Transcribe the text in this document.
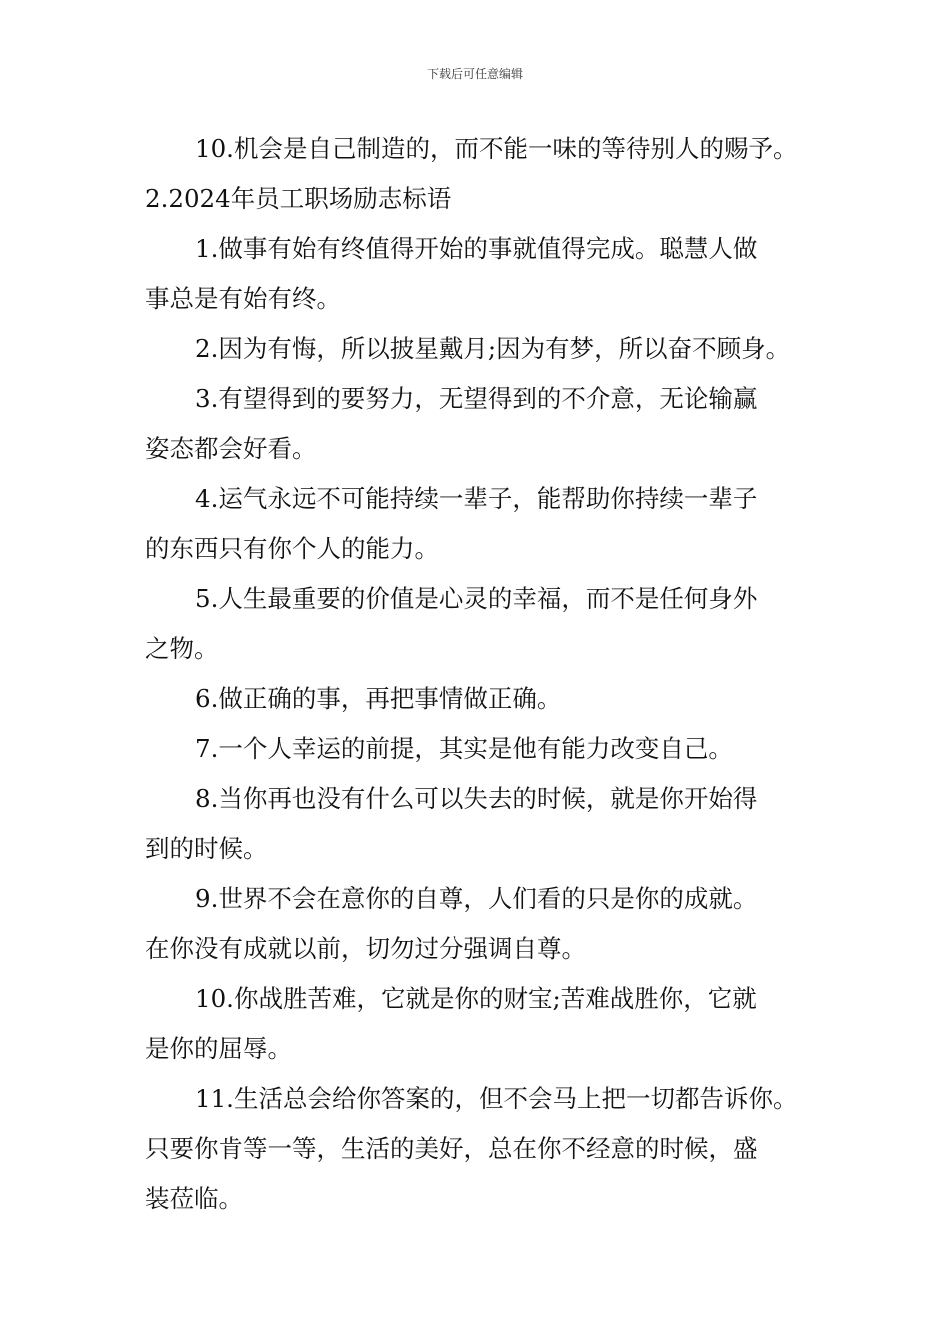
下载后可任意编辑

10.机会是自己制造的，而不能一味的等待别人的赐予。

2.2024年员工职场励志标语

1.做事有始有终值得开始的事就值得完成。聪慧人做

事总是有始有终。

2.因为有悔，所以披星戴月;因为有梦，所以奋不顾身。

3.有望得到的要努力，无望得到的不介意，无论输赢

姿态都会好看。

4.运气永远不可能持续一辈子，能帮助你持续一辈子

的东西只有你个人的能力。

5.人生最重要的价值是心灵的幸福，而不是任何身外

之物。

6.做正确的事，再把事情做正确。

7.一个人幸运的前提，其实是他有能力改变自己。

8.当你再也没有什么可以失去的时候，就是你开始得

到的时候。

9.世界不会在意你的自尊，人们看的只是你的成就。

在你没有成就以前，切勿过分强调自尊。

10.你战胜苦难，它就是你的财宝;苦难战胜你，它就

是你的屈辱。

11.生活总会给你答案的，但不会马上把一切都告诉你。

只要你肯等一等，生活的美好，总在你不经意的时候，盛

装莅临。
